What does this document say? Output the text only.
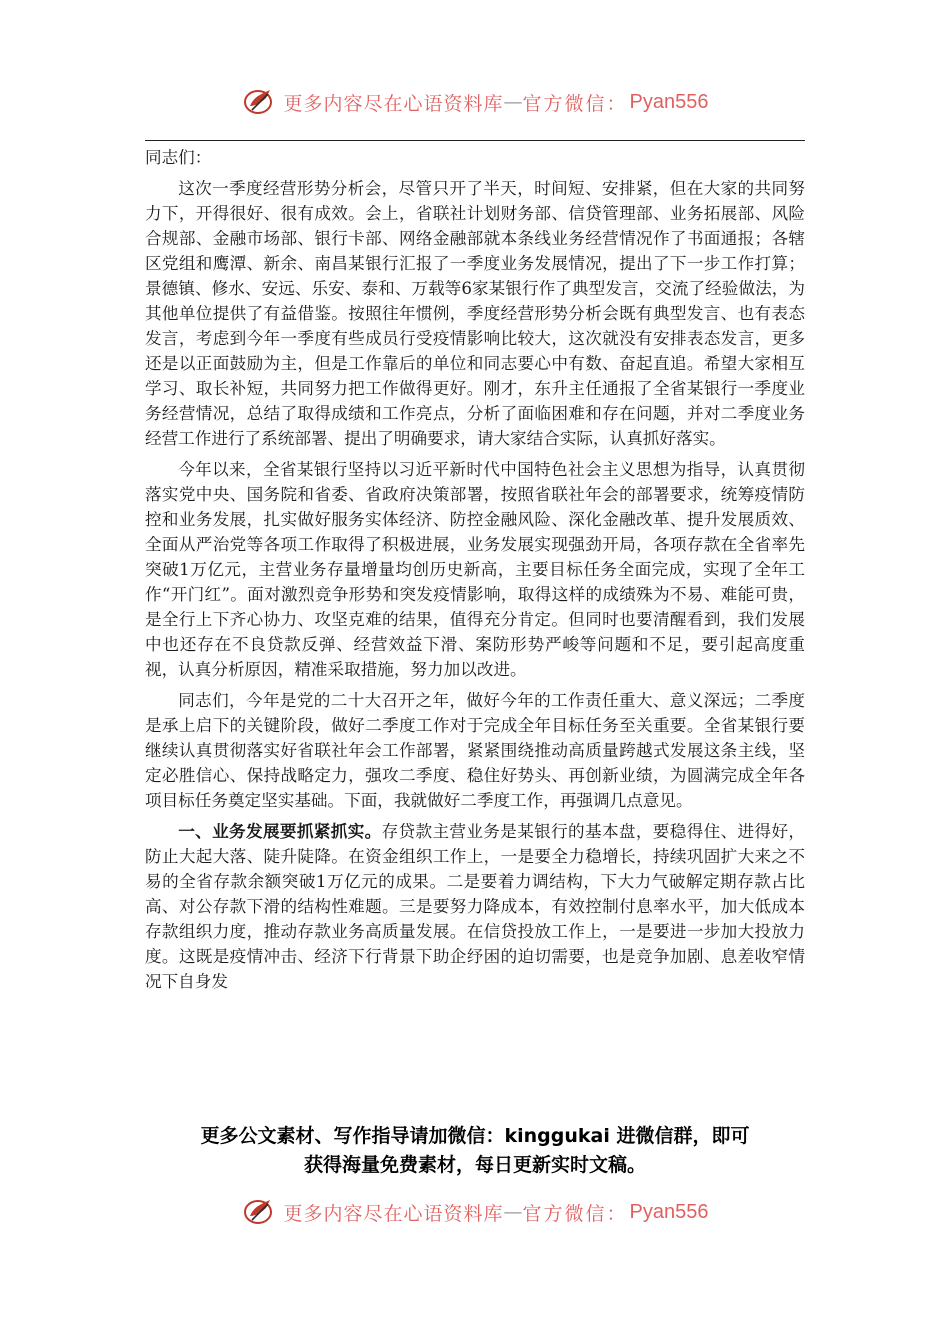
更多内容尽在心语资料库 — 官方微信： Pyan556

同志们：

这次一季度经营形势分析会，尽管只开了半天，时间短、安排紧，但在大家的共同努力下，开得很好、很有成效。会上，省联社计划财务部、信贷管理部、业务拓展部、风险合规部、金融市场部、银行卡部、网络金融部就本条线业务经营情况作了书面通报；各辖区党组和鹰潭、新余、南昌某银行汇报了一季度业务发展情况，提出了下一步工作打算；景德镇、修水、安远、乐安、泰和、万载等6家某银行作了典型发言，交流了经验做法，为其他单位提供了有益借鉴。按照往年惯例，季度经营形势分析会既有典型发言、也有表态发言，考虑到今年一季度有些成员行受疫情影响比较大，这次就没有安排表态发言，更多还是以正面鼓励为主，但是工作靠后的单位和同志要心中有数、奋起直追。希望大家相互学习、取长补短，共同努力把工作做得更好。刚才，东升主任通报了全省某银行一季度业务经营情况，总结了取得成绩和工作亮点，分析了面临困难和存在问题，并对二季度业务经营工作进行了系统部署、提出了明确要求，请大家结合实际，认真抓好落实。

今年以来，全省某银行坚持以习近平新时代中国特色社会主义思想为指导，认真贯彻落实党中央、国务院和省委、省政府决策部署，按照省联社年会的部署要求，统筹疫情防控和业务发展，扎实做好服务实体经济、防控金融风险、深化金融改革、提升发展质效、全面从严治党等各项工作取得了积极进展，业务发展实现强劲开局，各项存款在全省率先突破1万亿元，主营业务存量增量均创历史新高，主要目标任务全面完成，实现了全年工作“开门红”。面对激烈竞争形势和突发疫情影响，取得这样的成绩殊为不易、难能可贵，是全行上下齐心协力、攻坚克难的结果，值得充分肯定。但同时也要清醒看到，我们发展中也还存在不良贷款反弹、经营效益下滑、案防形势严峻等问题和不足，要引起高度重视，认真分析原因，精准采取措施，努力加以改进。

同志们，今年是党的二十大召开之年，做好今年的工作责任重大、意义深远；二季度是承上启下的关键阶段，做好二季度工作对于完成全年目标任务至关重要。全省某银行要继续认真贯彻落实好省联社年会工作部署，紧紧围绕推动高质量跨越式发展这条主线，坚定必胜信心、保持战略定力，强攻二季度、稳住好势头、再创新业绩，为圆满完成全年各项目标任务奠定坚实基础。下面，我就做好二季度工作，再强调几点意见。

一、业务发展要抓紧抓实。存贷款主营业务是某银行的基本盘，要稳得住、进得好，防止大起大落、陡升陡降。在资金组织工作上，一是要全力稳增长，持续巩固扩大来之不易的全省存款余额突破1万亿元的成果。二是要着力调结构，下大力气破解定期存款占比高、对公存款下滑的结构性难题。三是要努力降成本，有效控制付息率水平，加大低成本存款组织力度，推动存款业务高质量发展。在信贷投放工作上，一是要进一步加大投放力度。这既是疫情冲击、经济下行背景下助企纾困的迫切需要，也是竞争加剧、息差收窄情况下自身发

更多公文素材、写作指导请加微信：kinggukai 进微信群，即可
获得海量免费素材，每日更新实时文稿。
更多内容尽在心语资料库 — 官方微信： Pyan556
